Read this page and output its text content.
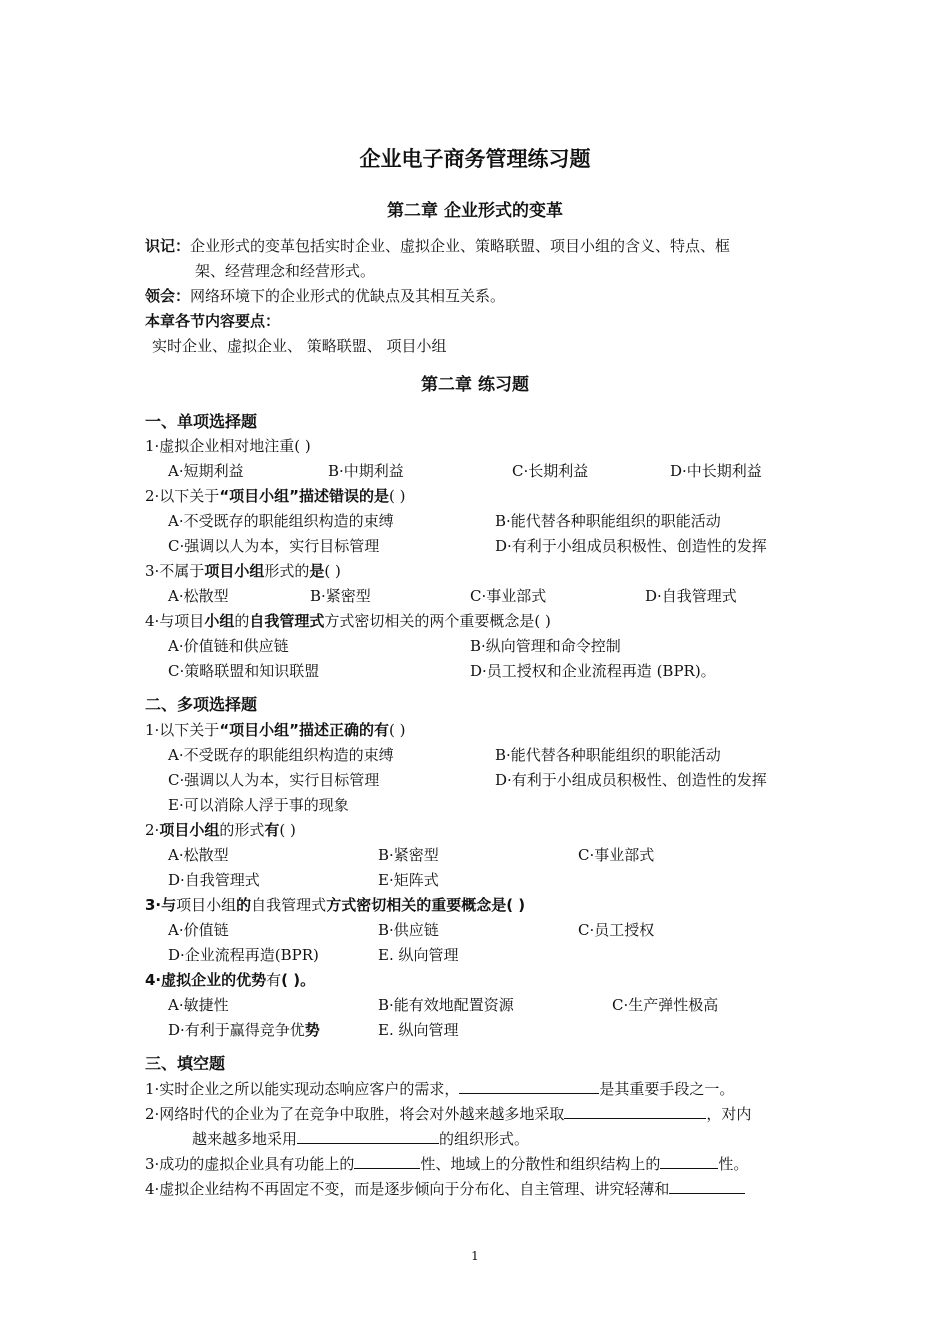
企业电子商务管理练习题
第二章 企业形式的变革
识记：企业形式的变革包括实时企业、虚拟企业、策略联盟、项目小组的含义、特点、框
架、经营理念和经营形式。
领会：网络环境下的企业形式的优缺点及其相互关系。
本章各节内容要点：
实时企业、虚拟企业、 策略联盟、 项目小组
第二章 练习题
一、单项选择题
1·虚拟企业相对地注重( )
A·短期利益	B·中期利益	C·长期利益	D·中长期利益
2·以下关于“项目小组”描述错误的是( )
A·不受既存的职能组织构造的束缚	B·能代替各种职能组织的职能活动
C·强调以人为本，实行目标管理	D·有利于小组成员积极性、创造性的发挥
3·不属于项目小组形式的是( )
A·松散型	B·紧密型	C·事业部式	D·自我管理式
4·与项目小组的自我管理式方式密切相关的两个重要概念是( )
A·价值链和供应链	B·纵向管理和命令控制
C·策略联盟和知识联盟	D·员工授权和企业流程再造 (BPR)。
二、多项选择题
1·以下关于“项目小组”描述正确的有( )
A·不受既存的职能组织构造的束缚	B·能代替各种职能组织的职能活动
C·强调以人为本，实行目标管理	D·有利于小组成员积极性、创造性的发挥
E·可以消除人浮于事的现象
2·项目小组的形式有( )
A·松散型	B·紧密型	C·事业部式
D·自我管理式	E·矩阵式
3·与项目小组的自我管理式方式密切相关的重要概念是( )
A·价值链	B·供应链	C·员工授权
D·企业流程再造(BPR)	E. 纵向管理
4·虚拟企业的优势有( )。
A·敏捷性	B·能有效地配置资源	C·生产弹性极高
D·有利于赢得竞争优势	E. 纵向管理
三、填空题
1·实时企业之所以能实现动态响应客户的需求，	是其重要手段之一。
2·网络时代的企业为了在竞争中取胜，将会对外越来越多地采取	，对内
越来越多地采用	的组织形式。
3·成功的虚拟企业具有功能上的	性、地域上的分散性和组织结构上的	性。
4·虚拟企业结构不再固定不变，而是逐步倾向于分布化、自主管理、讲究轻薄和
1
